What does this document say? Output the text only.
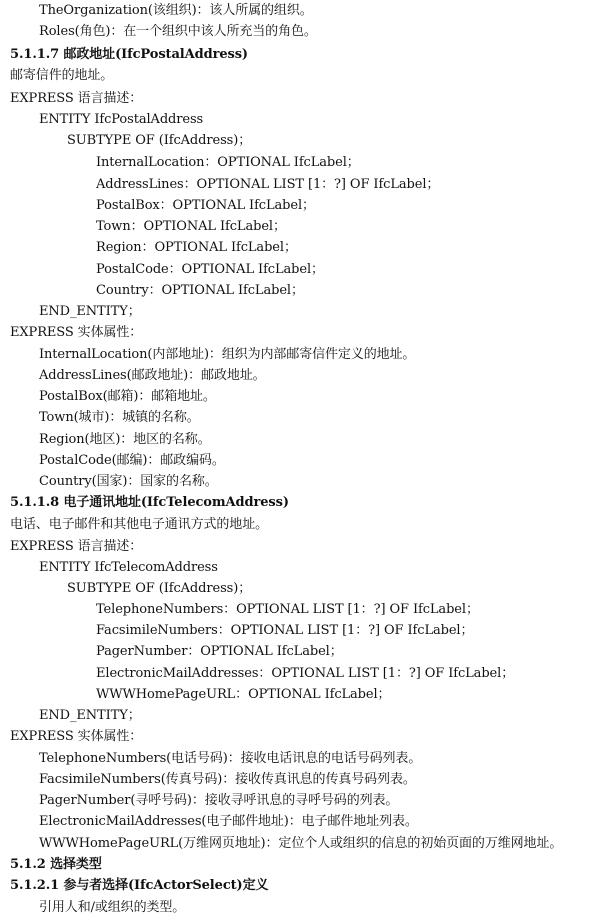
TheOrganization(该组织)：该人所属的组织。
Roles(角色)：在一个组织中该人所充当的角色。
5.1.1.7 邮政地址(IfcPostalAddress)
邮寄信件的地址。
EXPRESS 语言描述：
ENTITY IfcPostalAddress
SUBTYPE OF (IfcAddress)；
InternalLocation：OPTIONAL IfcLabel；
AddressLines：OPTIONAL LIST [1：?] OF IfcLabel；
PostalBox：OPTIONAL IfcLabel；
Town：OPTIONAL IfcLabel；
Region：OPTIONAL IfcLabel；
PostalCode：OPTIONAL IfcLabel；
Country：OPTIONAL IfcLabel；
END_ENTITY；
EXPRESS 实体属性：
InternalLocation(内部地址)：组织为内部邮寄信件定义的地址。
AddressLines(邮政地址)：邮政地址。
PostalBox(邮箱)：邮箱地址。
Town(城市)：城镇的名称。
Region(地区)：地区的名称。
PostalCode(邮编)：邮政编码。
Country(国家)：国家的名称。
5.1.1.8 电子通讯地址(IfcTelecomAddress)
电话、电子邮件和其他电子通讯方式的地址。
EXPRESS 语言描述：
ENTITY IfcTelecomAddress
SUBTYPE OF (IfcAddress)；
TelephoneNumbers：OPTIONAL LIST [1：?] OF IfcLabel；
FacsimileNumbers：OPTIONAL LIST [1：?] OF IfcLabel；
PagerNumber：OPTIONAL IfcLabel；
ElectronicMailAddresses：OPTIONAL LIST [1：?] OF IfcLabel；
WWWHomePageURL：OPTIONAL IfcLabel；
END_ENTITY；
EXPRESS 实体属性：
TelephoneNumbers(电话号码)：接收电话讯息的电话号码列表。
FacsimileNumbers(传真号码)：接收传真讯息的传真号码列表。
PagerNumber(寻呼号码)：接收寻呼讯息的寻呼号码的列表。
ElectronicMailAddresses(电子邮件地址)：电子邮件地址列表。
WWWHomePageURL(万维网页地址)：定位个人或组织的信息的初始页面的万维网地址。
5.1.2 选择类型
5.1.2.1 参与者选择(IfcActorSelect)定义
引用人和/或组织的类型。
